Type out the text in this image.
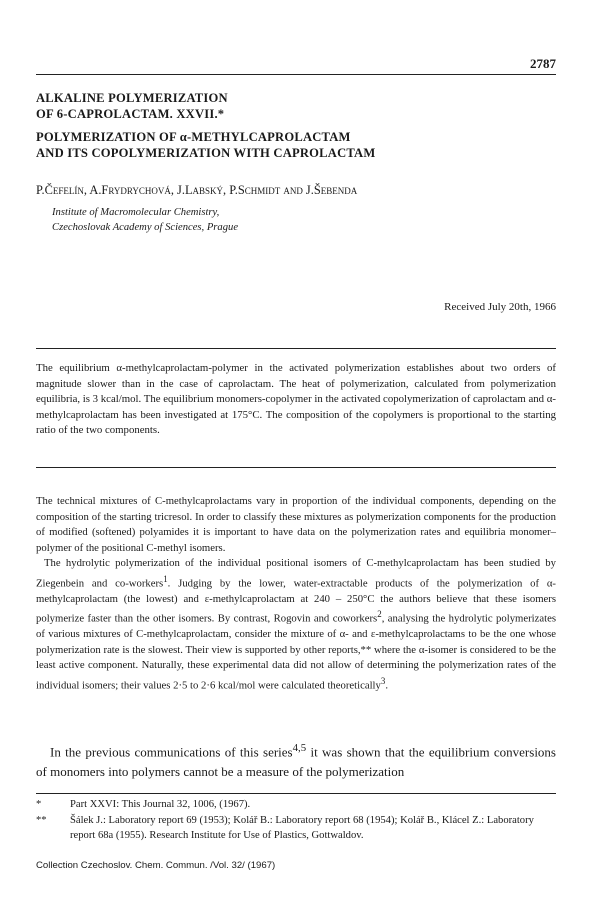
2787
ALKALINE POLYMERIZATION
OF 6-CAPROLACTAM. XXVII.*
POLYMERIZATION OF α-METHYLCAPROLACTAM
AND ITS COPOLYMERIZATION WITH CAPROLACTAM
P.Čefelín, A.Frydrychová, J.Labský, P.Schmidt and J.Šebenda
Institute of Macromolecular Chemistry,
Czechoslovak Academy of Sciences, Prague
Received July 20th, 1966
The equilibrium α-methylcaprolactam-polymer in the activated polymerization establishes about two orders of magnitude slower than in the case of caprolactam. The heat of polymerization, calculated from polymerization equilibria, is 3 kcal/mol. The equilibrium monomers-copolymer in the activated copolymerization of caprolactam and α-methylcaprolactam has been investigated at 175°C. The composition of the copolymers is proportional to the starting ratio of the two components.

The technical mixtures of C-methylcaprolactams vary in proportion of the individual components, depending on the composition of the starting tricresol. In order to classify these mixtures as polymerization components for the production of modified (softened) polyamides it is important to have data on the polymerization rates and equilibria monomer–polymer of the positional C-methyl isomers.

The hydrolytic polymerization of the individual positional isomers of C-methylcaprolactam has been studied by Ziegenbein and co-workers$^1$. Judging by the lower, water-extractable products of the polymerization of α-methylcaprolactam (the lowest) and ε-methylcaprolactam at 240 – 250°C the authors believe that these isomers polymerize faster than the other isomers. By contrast, Rogovin and coworkers$^2$, analysing the hydrolytic polymerizates of various mixtures of C-methylcaprolactam, consider the mixture of α- and ε-methylcaprolactams to be the one whose polymerization rate is the slowest. Their view is supported by other reports,** where the α-isomer is considered to be the least active component. Naturally, these experimental data did not allow of determining the polymerization rates of the individual isomers; their values 2·5 to 2·6 kcal/mol were calculated theoretically$^3$.

In the previous communications of this series$^{4,5}$ it was shown that the equilibrium conversions of monomers into polymers cannot be a measure of the polymerization
*	Part XXVI: This Journal 32, 1006, (1967).
**	Šálek J.: Laboratory report 69 (1953); Kolář B.: Laboratory report 68 (1954); Kolář B., Klácel Z.: Laboratory report 68a (1955). Research Institute for Use of Plastics, Gottwaldov.
Collection Czechoslov. Chem. Commun. /Vol. 32/ (1967)
